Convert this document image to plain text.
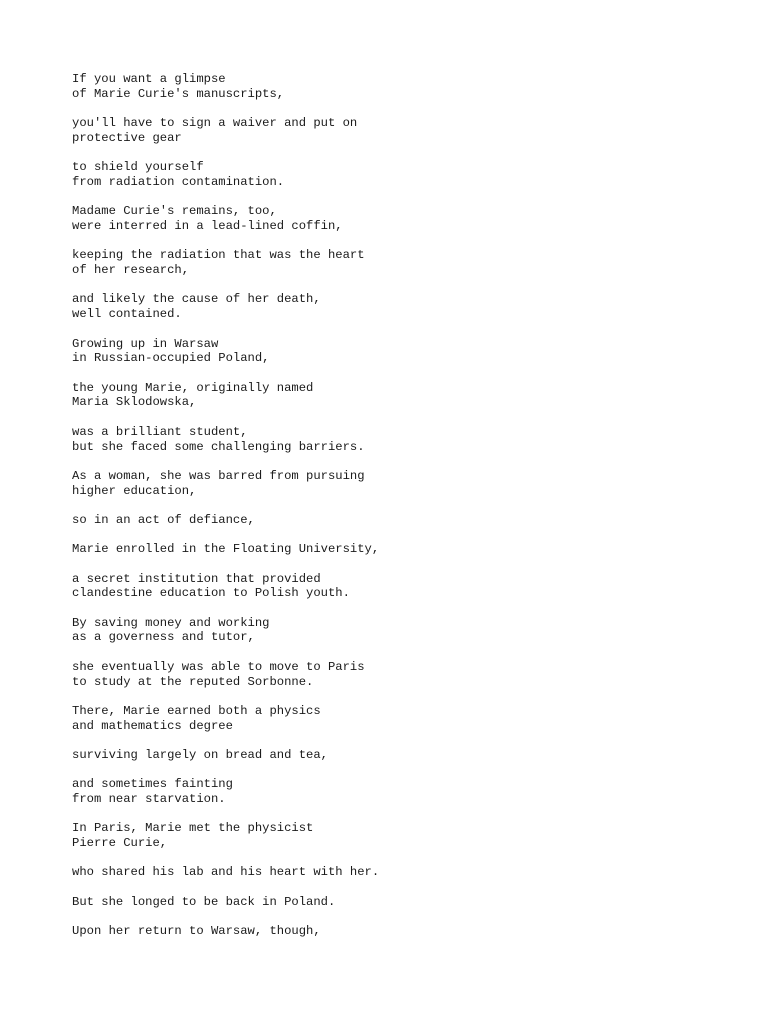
If you want a glimpse
of Marie Curie's manuscripts,

you'll have to sign a waiver and put on
protective gear

to shield yourself
from radiation contamination.

Madame Curie's remains, too,
were interred in a lead-lined coffin,

keeping the radiation that was the heart
of her research,

and likely the cause of her death,
well contained.

Growing up in Warsaw
in Russian-occupied Poland,

the young Marie, originally named
Maria Sklodowska,

was a brilliant student,
but she faced some challenging barriers.

As a woman, she was barred from pursuing
higher education,

so in an act of defiance,

Marie enrolled in the Floating University,

a secret institution that provided
clandestine education to Polish youth.

By saving money and working
as a governess and tutor,

she eventually was able to move to Paris
to study at the reputed Sorbonne.

There, Marie earned both a physics
and mathematics degree

surviving largely on bread and tea,

and sometimes fainting
from near starvation.

In Paris, Marie met the physicist
Pierre Curie,

who shared his lab and his heart with her.

But she longed to be back in Poland.

Upon her return to Warsaw, though,
